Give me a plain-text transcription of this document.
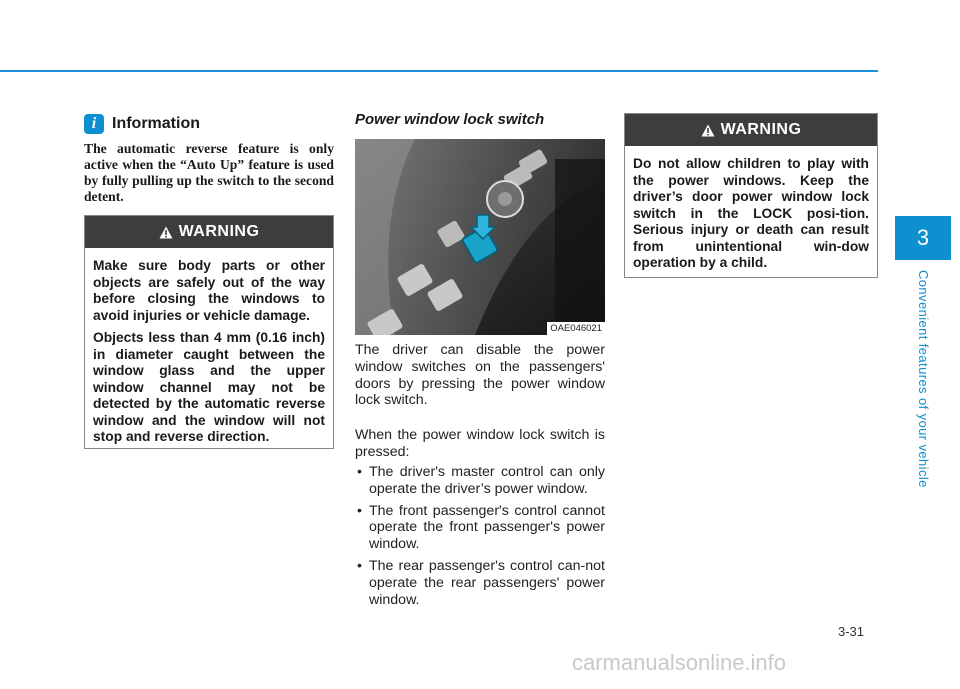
3
Convenient features of your vehicle
i Information
The automatic reverse feature is only active when the “Auto Up” feature is used by fully pulling up the switch to the second detent.
WARNING

Make sure body parts or other objects are safely out of the way before closing the windows to avoid injuries or vehicle damage.

Objects less than 4 mm (0.16 inch) in diameter caught between the window glass and the upper window channel may not be detected by the automatic reverse window and the window will not stop and reverse direction.

Power window lock switch
OAE046021
The driver can disable the power window switches on the passengers' doors by pressing the power window lock switch.
When the power window lock switch is pressed:
• The driver's master control can only operate the driver’s power window.
• The front passenger's control cannot operate the front passenger's power window.
• The rear passenger's control can-not operate the rear passengers' power window.
WARNING

Do not allow children to play with the power windows. Keep the driver’s door power window lock switch in the LOCK posi-tion. Serious injury or death can result from unintentional win-dow operation by a child.

3-31
carmanualsonline.info
